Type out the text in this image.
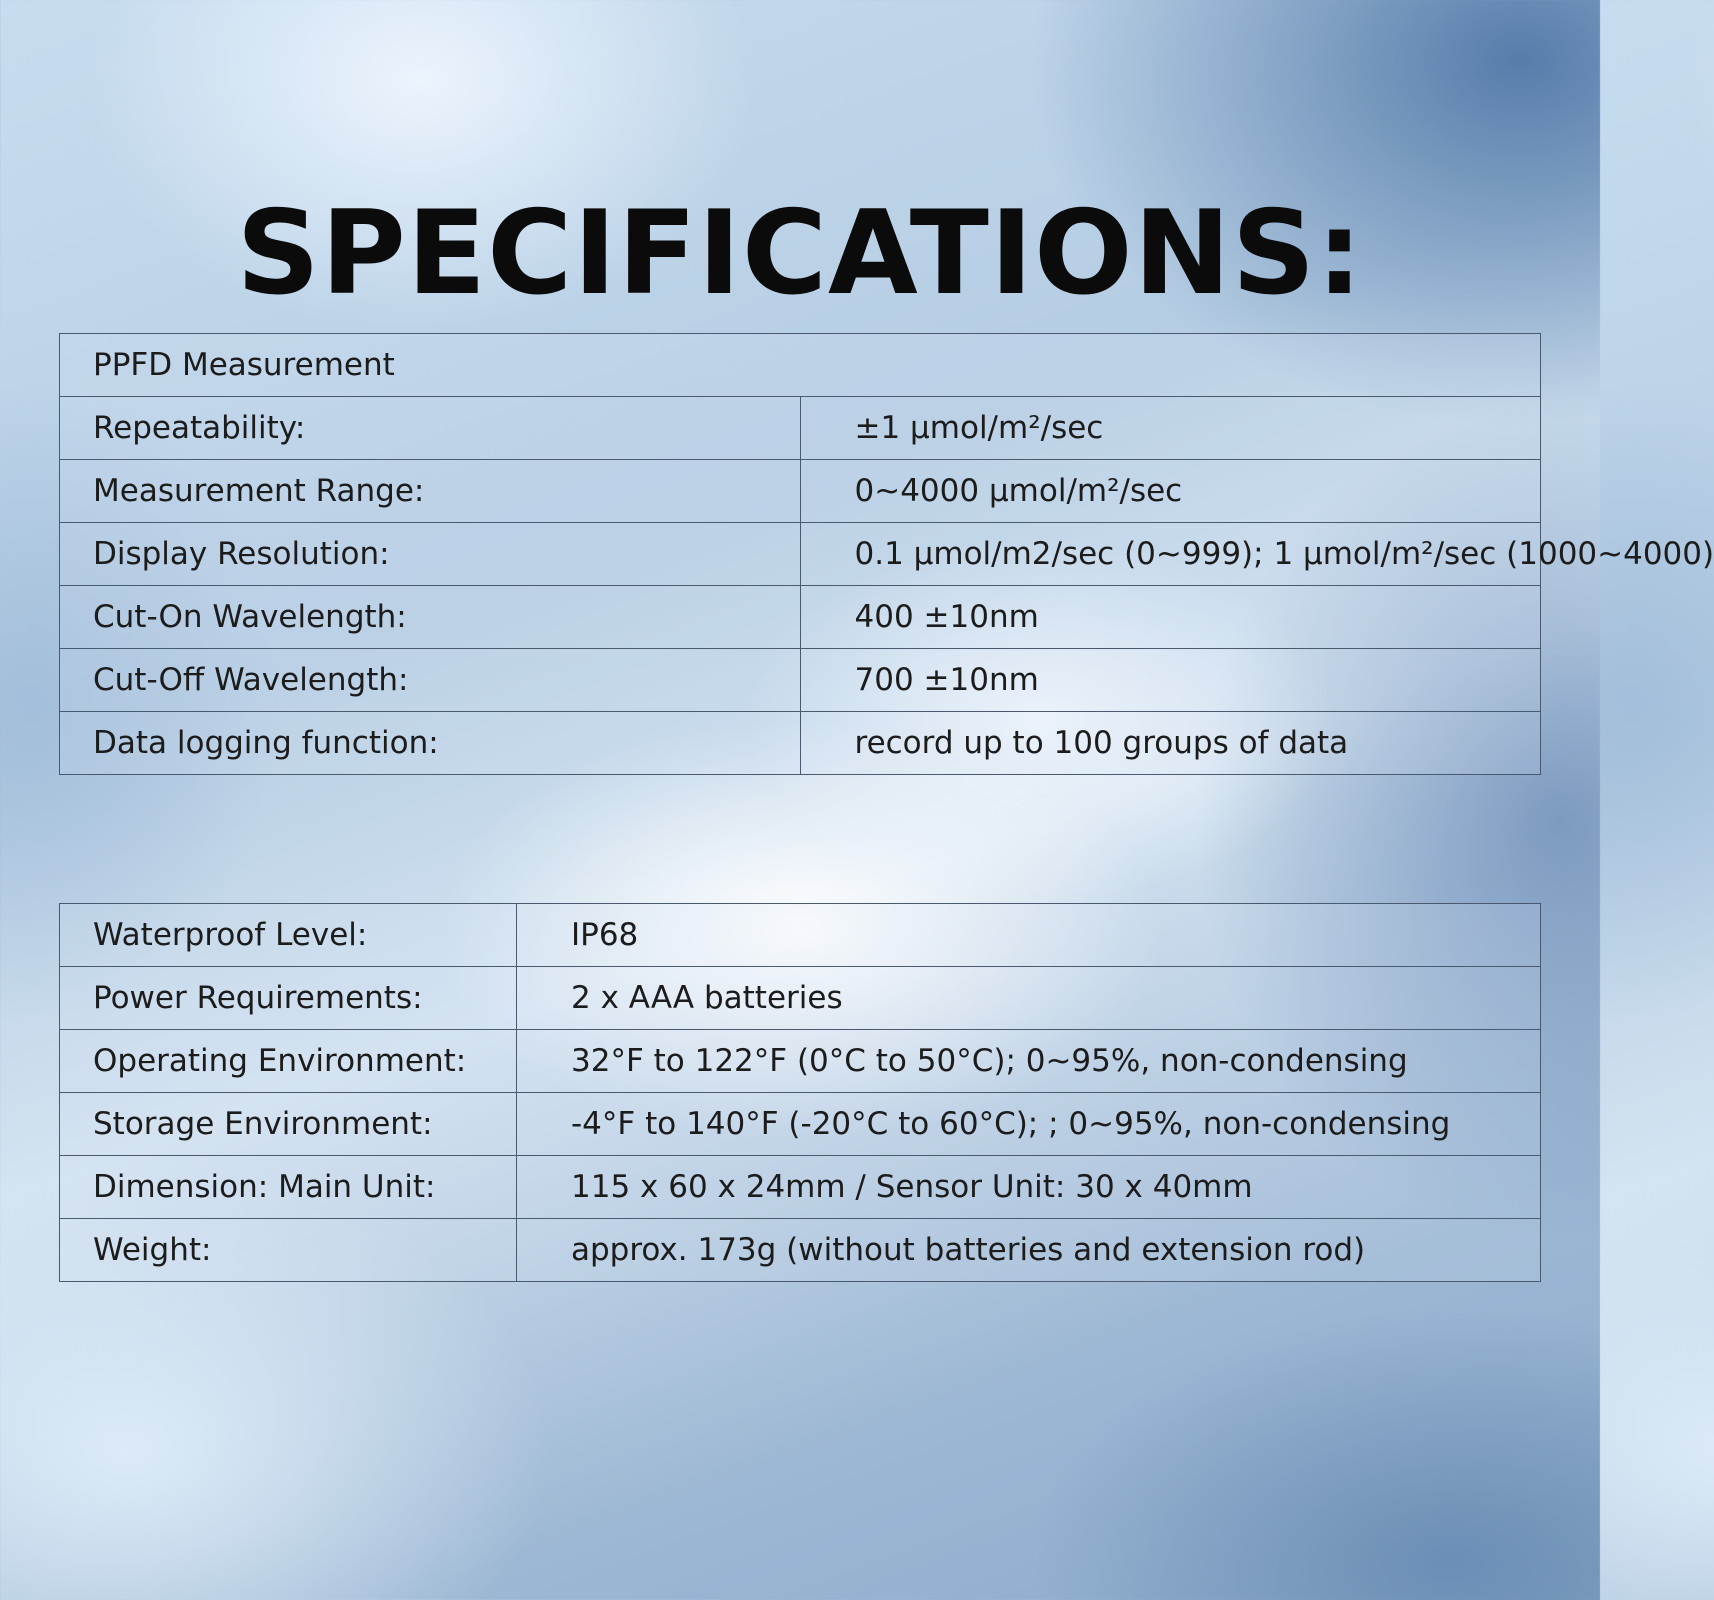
SPECIFICATIONS:
PPFD Measurement	
Repeatability:	±1 µmol/m²/sec
Measurement Range:	0~4000 µmol/m²/sec
Display Resolution:	0.1 µmol/m2/sec (0~999); 1 µmol/m²/sec (1000~4000)
Cut-On Wavelength:	400 ±10nm
Cut-Off Wavelength:	700 ±10nm
Data logging function:	record up to 100 groups of data
Waterproof Level:	IP68
Power Requirements:	2 x AAA batteries
Operating Environment:	32°F to 122°F (0°C to 50°C); 0~95%, non-condensing
Storage Environment:	-4°F to 140°F (-20°C to 60°C); ; 0~95%, non-condensing
Dimension: Main Unit:	115 x 60 x 24mm / Sensor Unit: 30 x 40mm
Weight:	approx. 173g (without batteries and extension rod)
